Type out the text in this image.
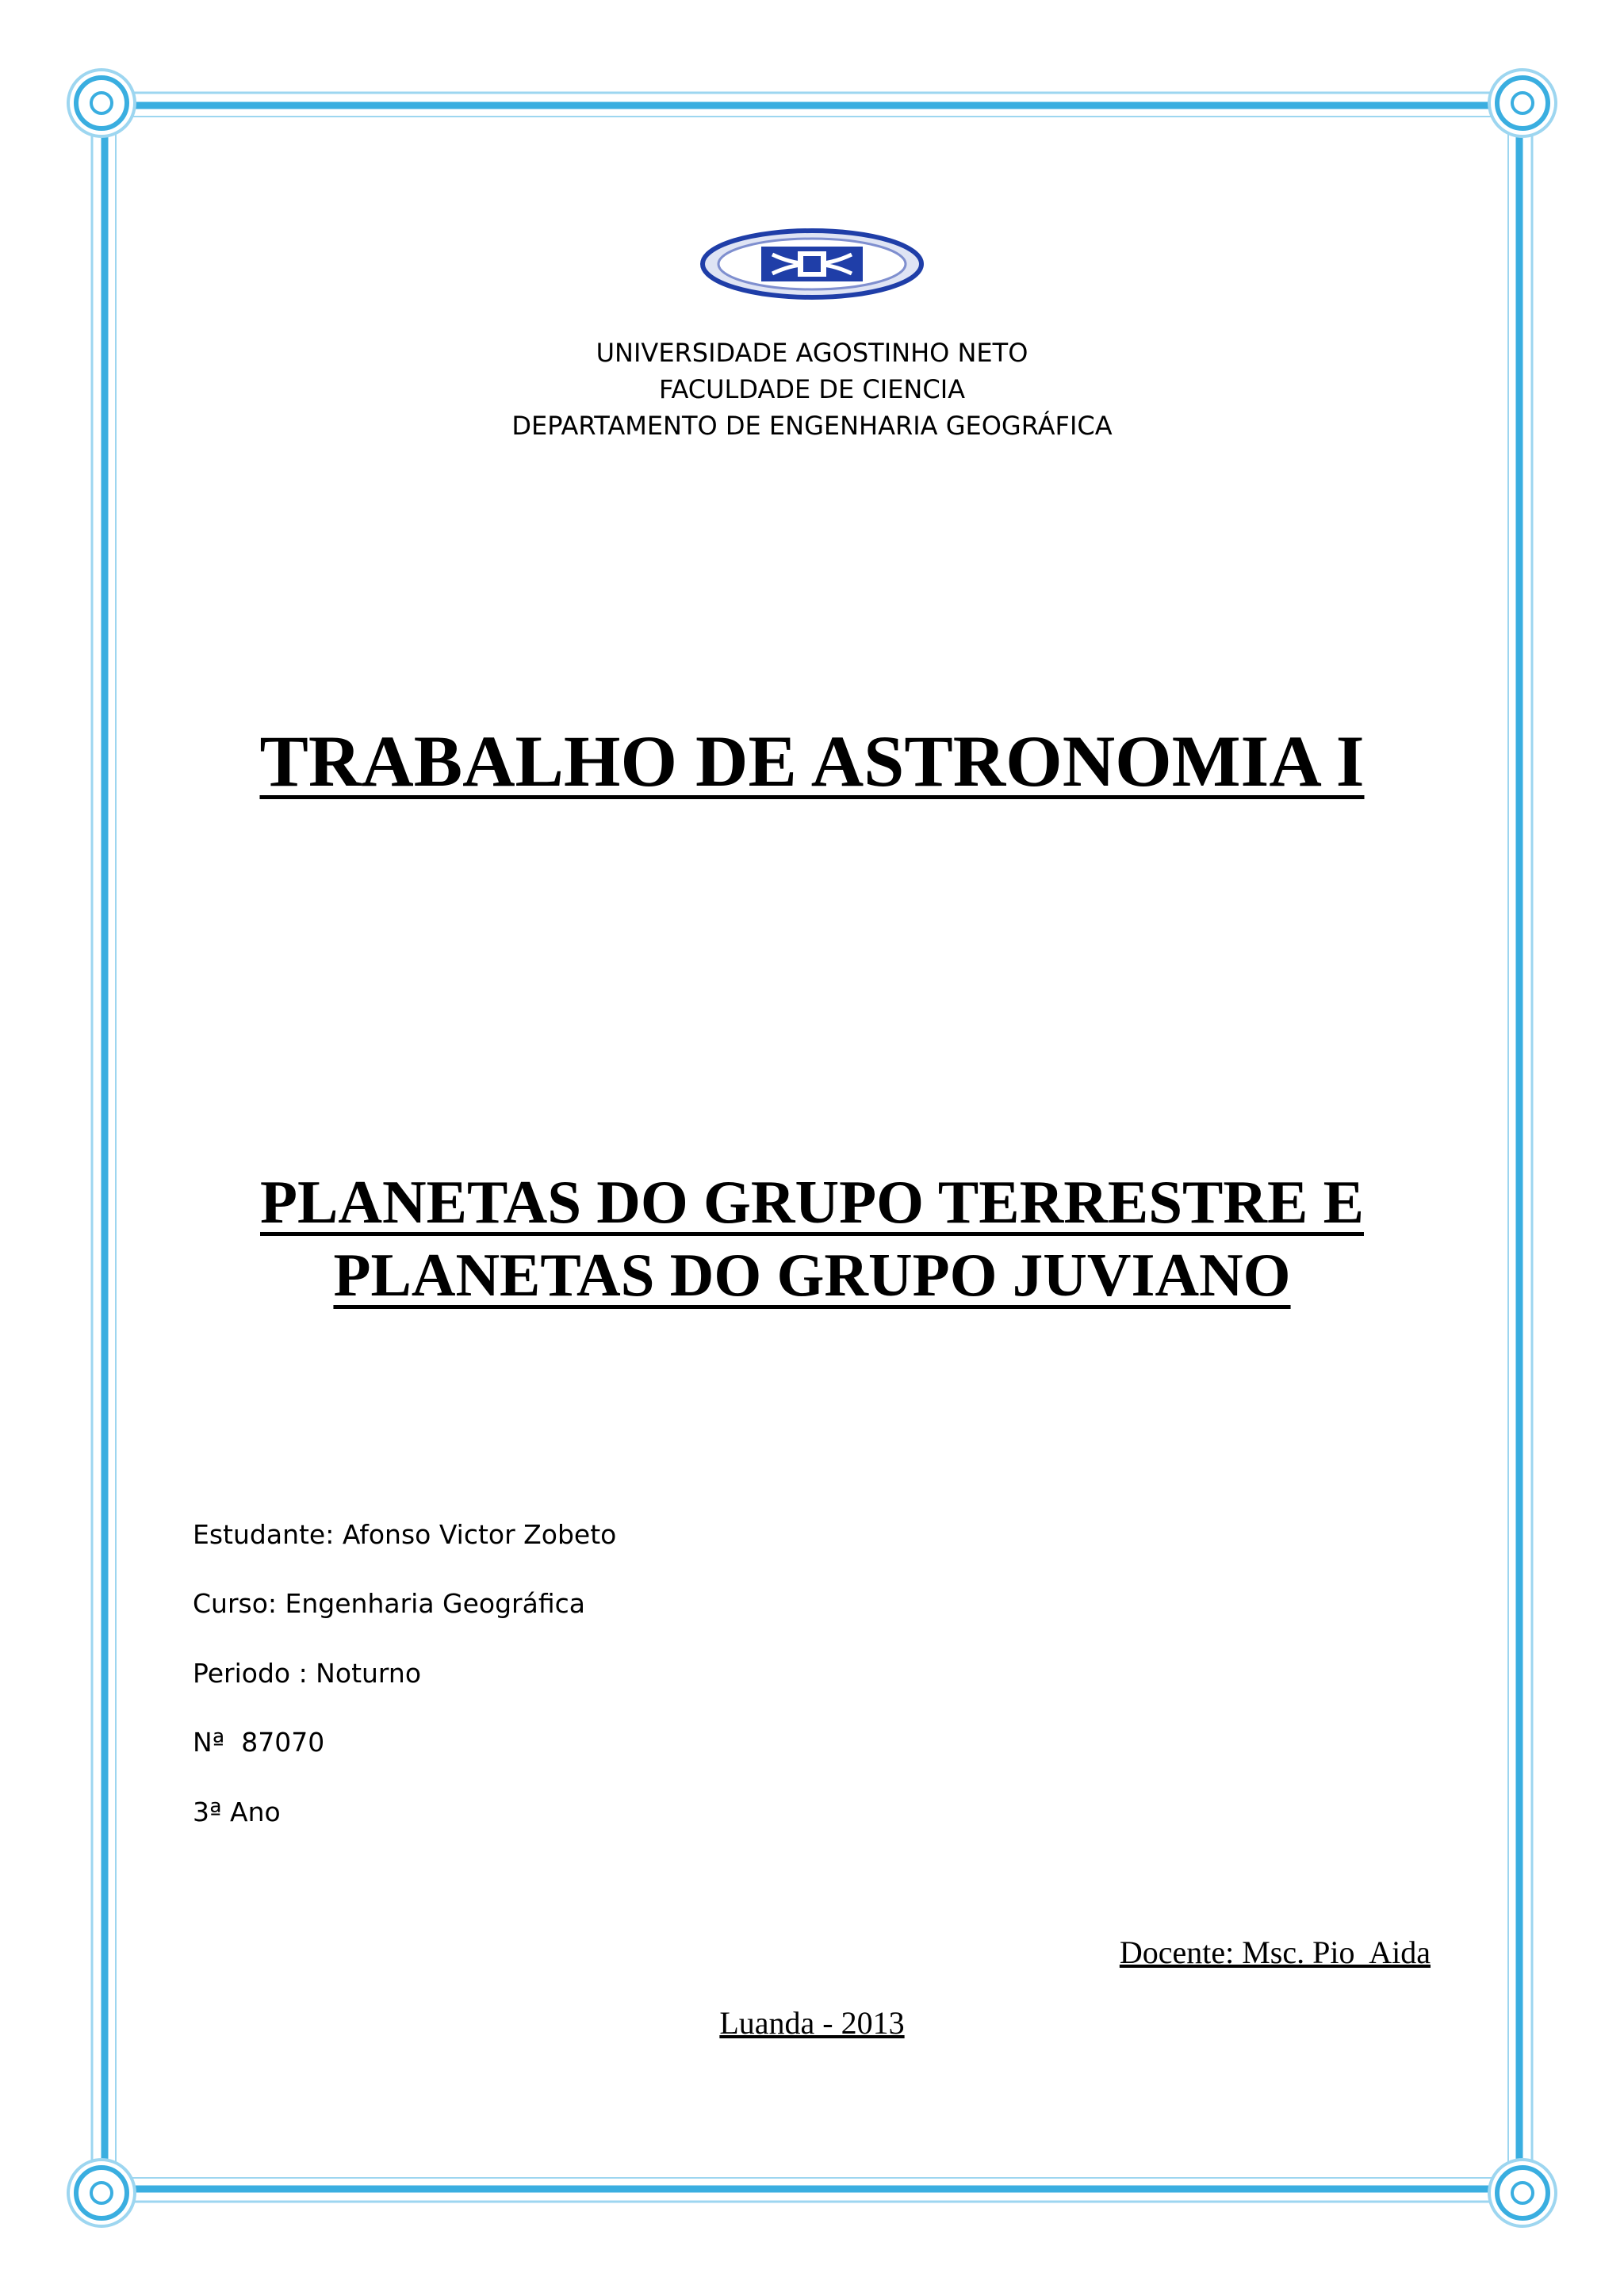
UNIVERSIDADE AGOSTINHO NETO
FACULDADE DE CIENCIA
DEPARTAMENTO DE ENGENHARIA GEOGRÁFICA
TRABALHO DE ASTRONOMIA I
PLANETAS DO GRUPO TERRESTRE E
PLANETAS DO GRUPO JUVIANO
Estudante: Afonso Victor Zobeto
Curso: Engenharia Geográfica
Periodo : Noturno
Nª  87070
3ª Ano
Docente: Msc. Pio  Aida
Luanda - 2013
